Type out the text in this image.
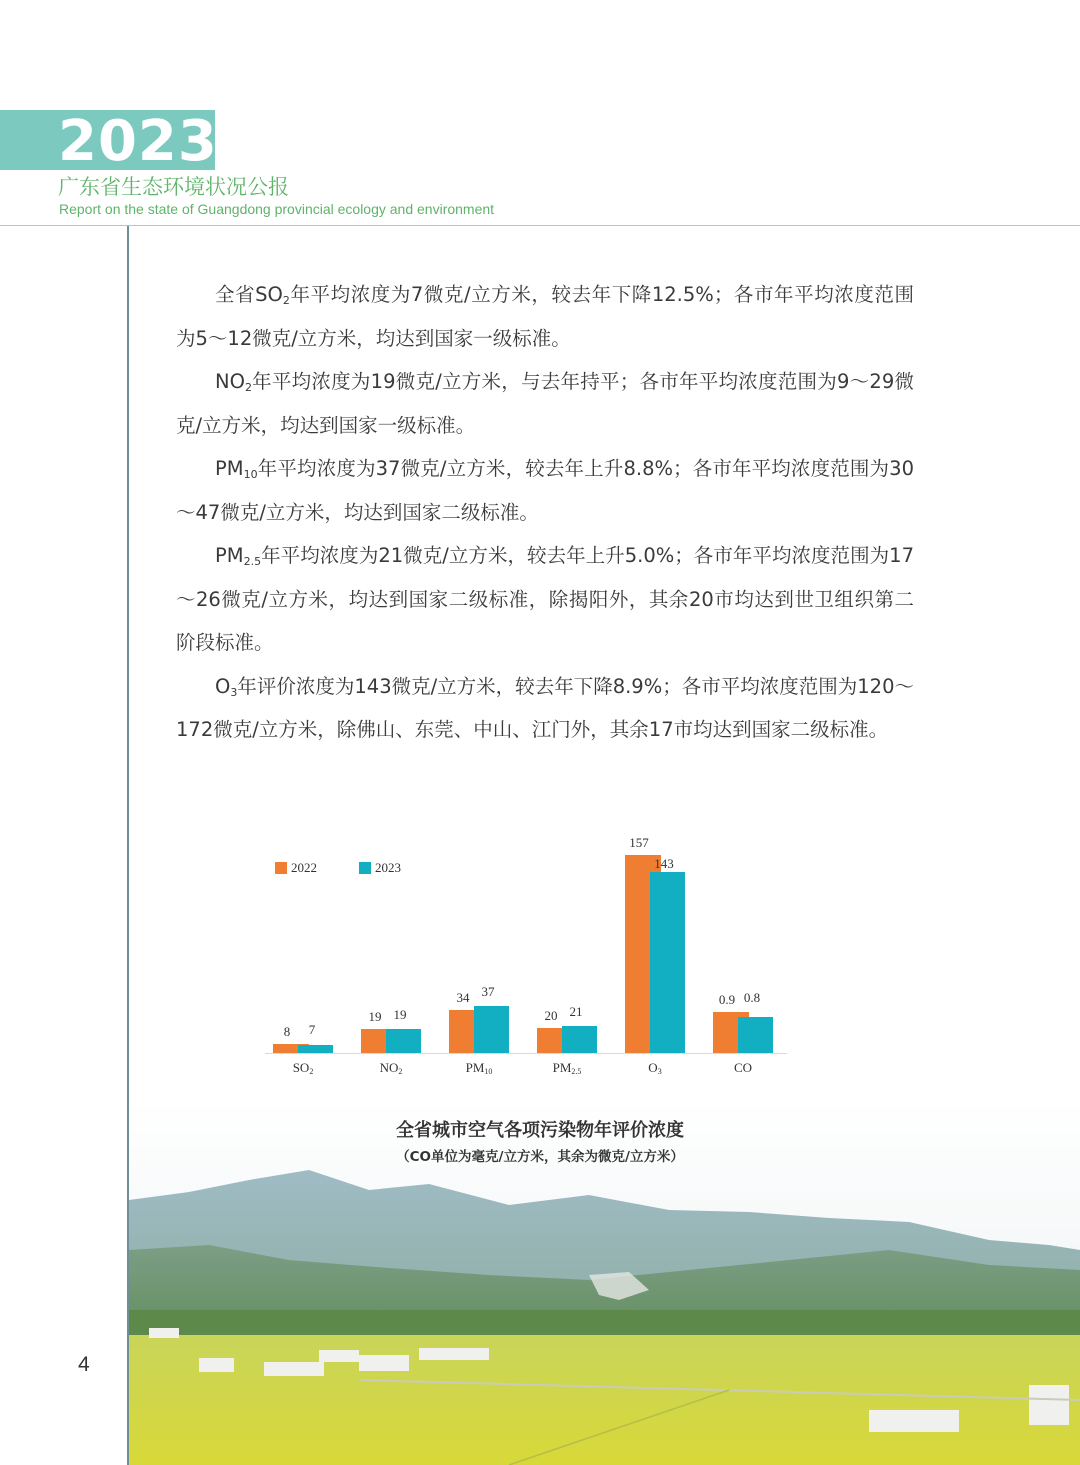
2023
广东省生态环境状况公报
Report on the state of Guangdong provincial ecology and environment

全省$SO_2$年平均浓度为7微克/立方米，较去年下降12.5%；各市年平均浓度范围为5～12微克/立方米，均达到国家一级标准。

$NO_2$年平均浓度为19微克/立方米，与去年持平；各市年平均浓度范围为9～29微克/立方米，均达到国家一级标准。

$PM_{10}$年平均浓度为37微克/立方米，较去年上升8.8%；各市年平均浓度范围为30～47微克/立方米，均达到国家二级标准。

$PM_{2.5}$年平均浓度为21微克/立方米，较去年上升5.0%；各市年平均浓度范围为17～26微克/立方米，均达到国家二级标准，除揭阳外，其余20市均达到世卫组织第二阶段标准。

$O_3$年评价浓度为143微克/立方米，较去年下降8.9%；各市平均浓度范围为120～172微克/立方米，除佛山、东莞、中山、江门外，其余17市均达到国家二级标准。

2022	2023
8	7
19 19
34 37
20 21
157
143
0.9 0.8
$SO_2$	$NO_2$	$PM_{10}$	$PM_{2.5}$	$O_3$	CO
全省城市空气各项污染物年评价浓度
（CO单位为毫克/立方米，其余为微克/立方米）
4
